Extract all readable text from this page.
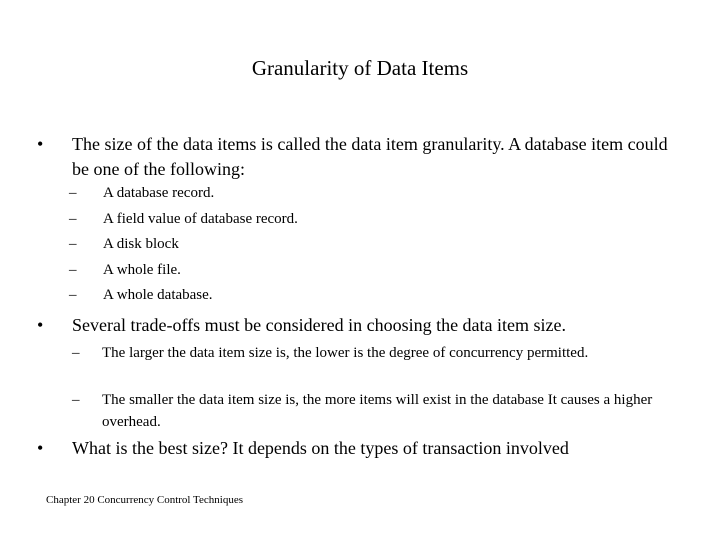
Granularity of Data Items
• The size of the data items is called the data item granularity. A database item could be one of the following:
– A database record.
– A field value of database record.
– A disk block
– A whole file.
– A whole database.
• Several trade-offs must be considered in choosing the data item size.
– The larger the data item size is, the lower is the degree of concurrency permitted.
– The smaller the data item size is, the more items will exist in the database It causes a higher overhead.
• What is the best size? It depends on the types of transaction involved
Chapter 20 Concurrency Control Techniques
